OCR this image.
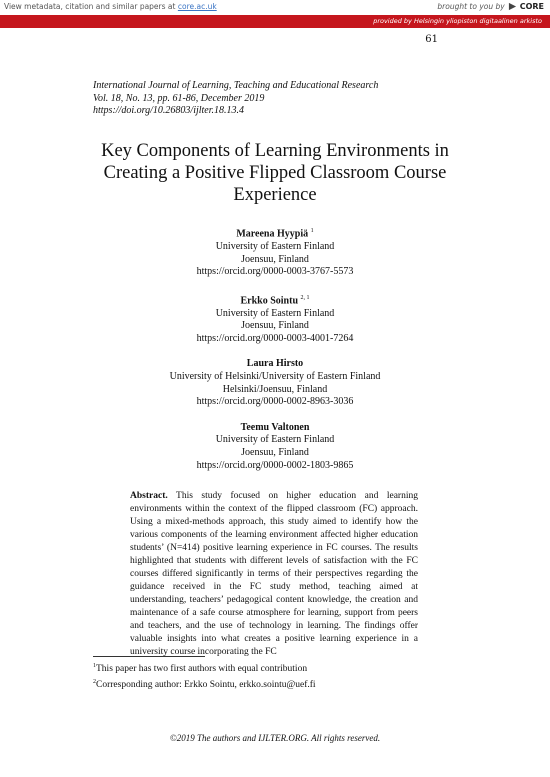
View metadata, citation and similar papers at core.ac.uk	brought to you by CORE
provided by Helsingin yliopiston digitaalinen arkisto
61
International Journal of Learning, Teaching and Educational Research
Vol. 18, No. 13, pp. 61-86, December 2019
https://doi.org/10.26803/ijlter.18.13.4
Key Components of Learning Environments in
Creating a Positive Flipped Classroom Course
Experience
Mareena Hyypiä $^1$
University of Eastern Finland
Joensuu, Finland
https://orcid.org/0000-0003-3767-5573
Erkko Sointu $^{2, 1}$
University of Eastern Finland
Joensuu, Finland
https://orcid.org/0000-0003-4001-7264
Laura Hirsto
University of Helsinki/University of Eastern Finland
Helsinki/Joensuu, Finland
https://orcid.org/0000-0002-8963-3036
Teemu Valtonen
University of Eastern Finland
Joensuu, Finland
https://orcid.org/0000-0002-1803-9865
Abstract. This study focused on higher education and learning environments within the context of the flipped classroom (FC) approach. Using a mixed-methods approach, this study aimed to identify how the various components of the learning environment affected higher education students’ (N=414) positive learning experience in FC courses. The results highlighted that students with different levels of satisfaction with the FC courses differed significantly in terms of their perspectives regarding the guidance received in the FC study method, teaching aimed at understanding, teachers’ pedagogical content knowledge, the creation and maintenance of a safe course atmosphere for learning, support from peers and teachers, and the use of technology in learning. The findings offer valuable insights into what creates a positive learning experience in a university course incorporating the FC
$^1$This paper has two first authors with equal contribution
$^2$Corresponding author: Erkko Sointu, erkko.sointu@uef.fi
©2019 The authors and IJLTER.ORG. All rights reserved.
